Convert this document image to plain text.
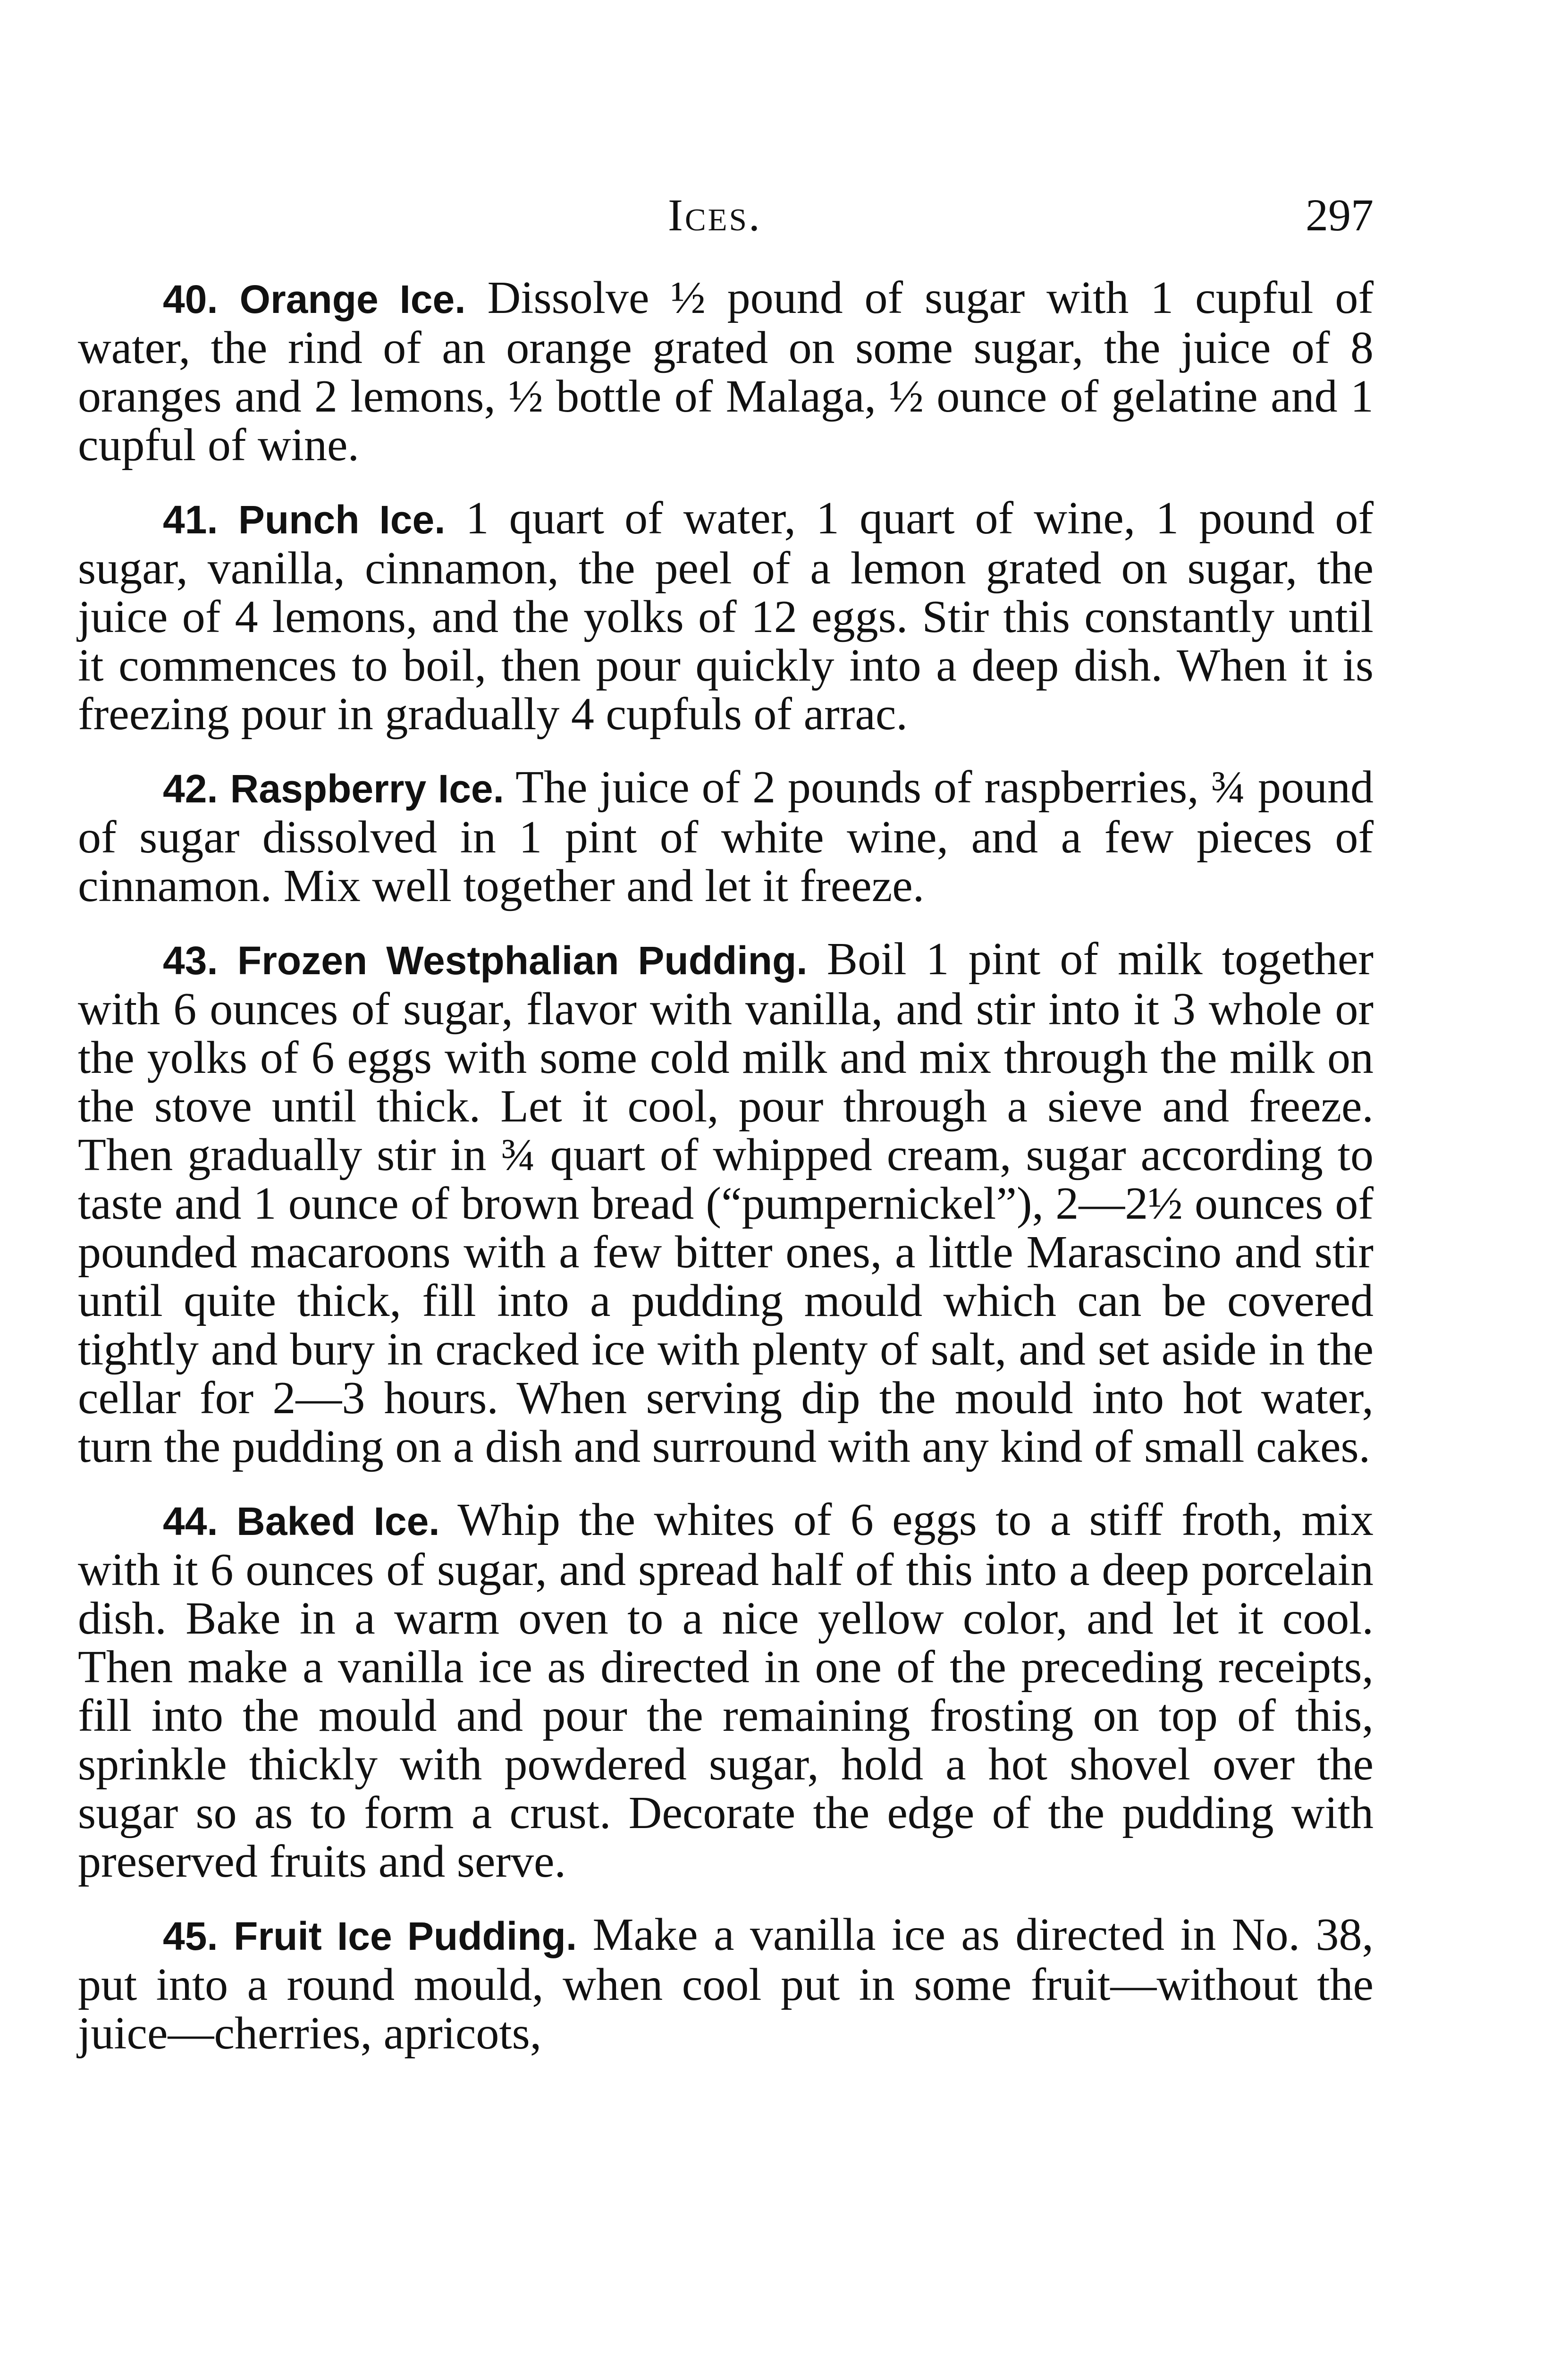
Ices.	297

40. Orange Ice. Dissolve ½ pound of sugar with 1 cupful of water, the rind of an orange grated on some sugar, the juice of 8 oranges and 2 lemons, ½ bottle of Malaga, ½ ounce of gelatine and 1 cupful of wine.

41. Punch Ice. 1 quart of water, 1 quart of wine, 1 pound of sugar, vanilla, cinnamon, the peel of a lemon grated on sugar, the juice of 4 lemons, and the yolks of 12 eggs. Stir this constantly until it commences to boil, then pour quickly into a deep dish. When it is freezing pour in gradually 4 cupfuls of arrac.

42. Raspberry Ice. The juice of 2 pounds of raspberries, ¾ pound of sugar dissolved in 1 pint of white wine, and a few pieces of cinnamon. Mix well together and let it freeze.

43. Frozen Westphalian Pudding. Boil 1 pint of milk together with 6 ounces of sugar, flavor with vanilla, and stir into it 3 whole or the yolks of 6 eggs with some cold milk and mix through the milk on the stove until thick. Let it cool, pour through a sieve and freeze. Then gradually stir in ¾ quart of whipped cream, sugar according to taste and 1 ounce of brown bread (“pumpernickel”), 2—2½ ounces of pounded macaroons with a few bitter ones, a little Marascino and stir until quite thick, fill into a pudding mould which can be covered tightly and bury in cracked ice with plenty of salt, and set aside in the cellar for 2—3 hours. When serving dip the mould into hot water, turn the pudding on a dish and surround with any kind of small cakes.

44. Baked Ice. Whip the whites of 6 eggs to a stiff froth, mix with it 6 ounces of sugar, and spread half of this into a deep porcelain dish. Bake in a warm oven to a nice yellow color, and let it cool. Then make a vanilla ice as directed in one of the preceding receipts, fill into the mould and pour the remaining frosting on top of this, sprinkle thickly with powdered sugar, hold a hot shovel over the sugar so as to form a crust. Decorate the edge of the pudding with preserved fruits and serve.

45. Fruit Ice Pudding. Make a vanilla ice as directed in No. 38, put into a round mould, when cool put in some fruit—without the juice—cherries, apricots,
